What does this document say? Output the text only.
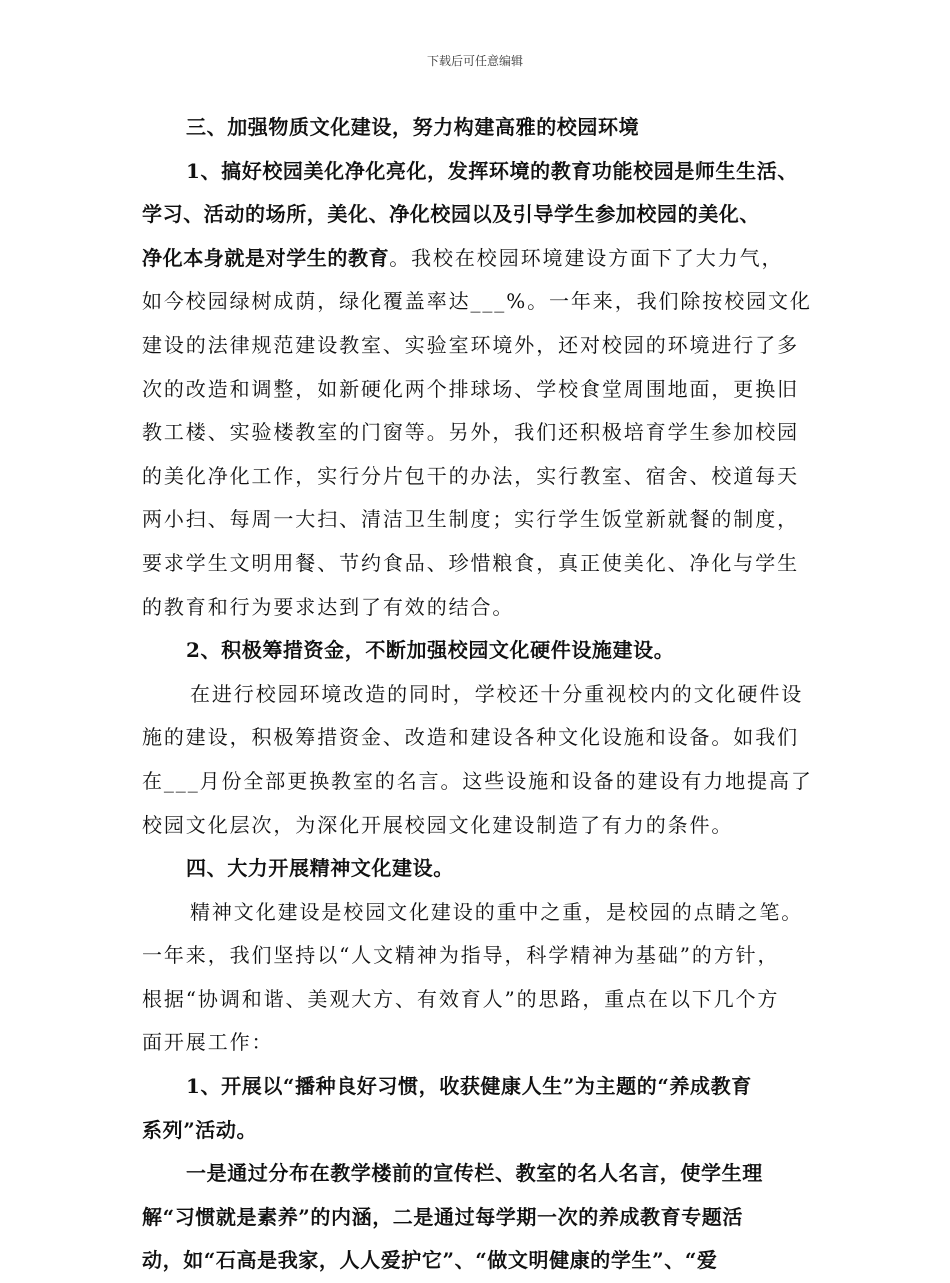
下载后可任意编辑
三、加强物质文化建设，努力构建高雅的校园环境
1、搞好校园美化净化亮化，发挥环境的教育功能校园是师生生活、
学习、活动的场所，美化、净化校园以及引导学生参加校园的美化、
净化本身就是对学生的教育。我校在校园环境建设方面下了大力气，
如今校园绿树成荫，绿化覆盖率达___%。一年来，我们除按校园文化
建设的法律规范建设教室、实验室环境外，还对校园的环境进行了多
次的改造和调整，如新硬化两个排球场、学校食堂周围地面，更换旧
教工楼、实验楼教室的门窗等。另外，我们还积极培育学生参加校园
的美化净化工作，实行分片包干的办法，实行教室、宿舍、校道每天
两小扫、每周一大扫、清洁卫生制度；实行学生饭堂新就餐的制度，
要求学生文明用餐、节约食品、珍惜粮食，真正使美化、净化与学生
的教育和行为要求达到了有效的结合。
2、积极筹措资金，不断加强校园文化硬件设施建设。
在进行校园环境改造的同时，学校还十分重视校内的文化硬件设
施的建设，积极筹措资金、改造和建设各种文化设施和设备。如我们
在___月份全部更换教室的名言。这些设施和设备的建设有力地提高了
校园文化层次，为深化开展校园文化建设制造了有力的条件。
四、大力开展精神文化建设。
精神文化建设是校园文化建设的重中之重，是校园的点睛之笔。
一年来，我们坚持以“人文精神为指导，科学精神为基础”的方针，
根据“协调和谐、美观大方、有效育人”的思路，重点在以下几个方
面开展工作：
1、开展以“播种良好习惯，收获健康人生”为主题的“养成教育
系列”活动。
一是通过分布在教学楼前的宣传栏、教室的名人名言，使学生理
解“习惯就是素养”的内涵，二是通过每学期一次的养成教育专题活
动，如“石高是我家，人人爱护它”、“做文明健康的学生”、“爱
